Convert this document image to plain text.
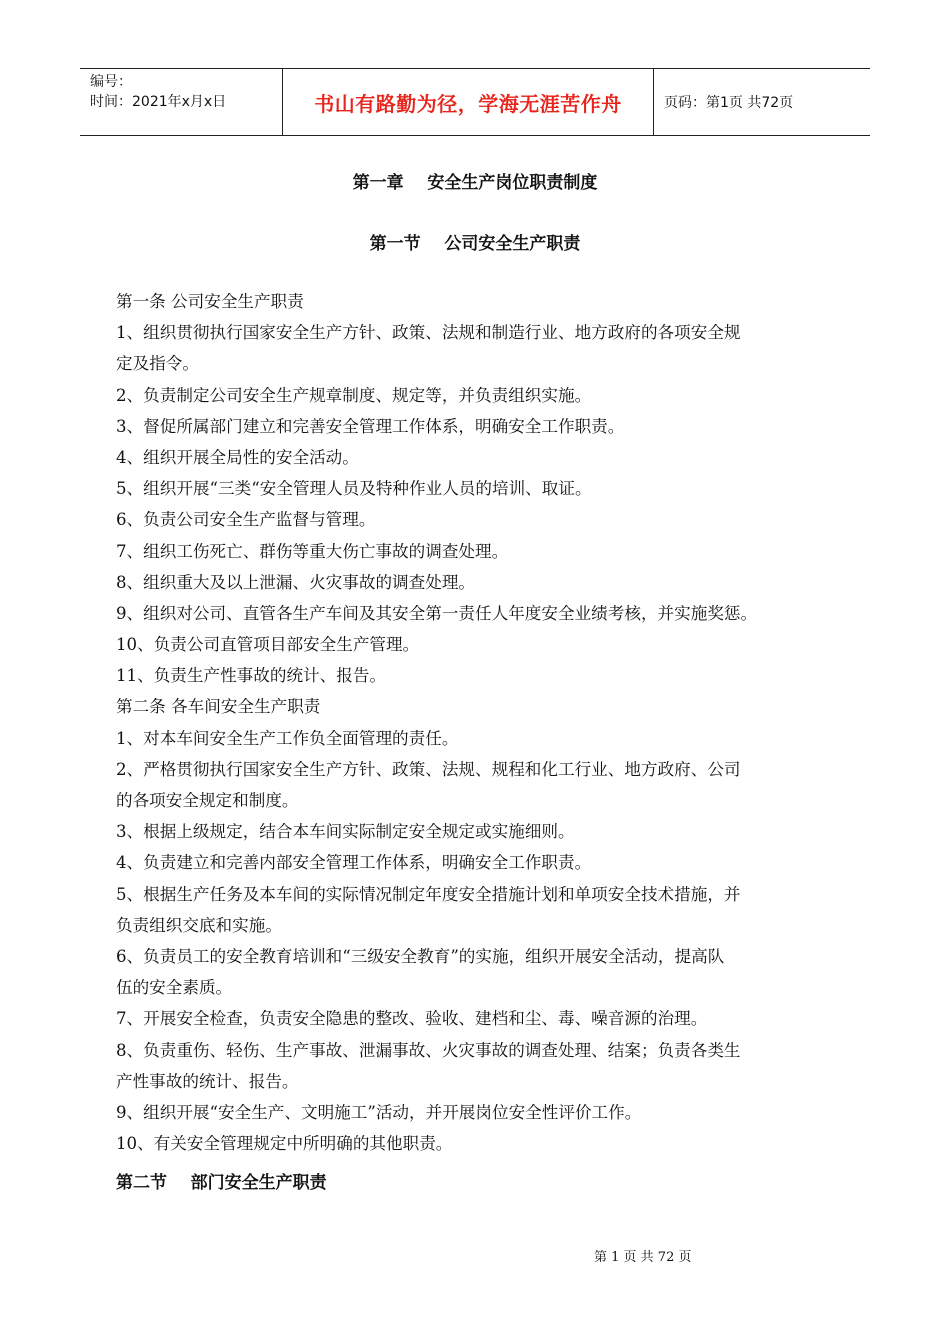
编号：
时间：2021年x月x日	书山有路勤为径，学海无涯苦作舟	页码：第1页 共72页
第一章    安全生产岗位职责制度
第一节    公司安全生产职责
第一条 公司安全生产职责
1、组织贯彻执行国家安全生产方针、政策、法规和制造行业、地方政府的各项安全规
定及指令。
2、负责制定公司安全生产规章制度、规定等，并负责组织实施。
3、督促所属部门建立和完善安全管理工作体系，明确安全工作职责。
4、组织开展全局性的安全活动。
5、组织开展“三类“安全管理人员及特种作业人员的培训、取证。
6、负责公司安全生产监督与管理。
7、组织工伤死亡、群伤等重大伤亡事故的调查处理。
8、组织重大及以上泄漏、火灾事故的调查处理。
9、组织对公司、直管各生产车间及其安全第一责任人年度安全业绩考核，并实施奖惩。
10、负责公司直管项目部安全生产管理。
11、负责生产性事故的统计、报告。
第二条 各车间安全生产职责
1、对本车间安全生产工作负全面管理的责任。
2、严格贯彻执行国家安全生产方针、政策、法规、规程和化工行业、地方政府、公司
的各项安全规定和制度。
3、根据上级规定，结合本车间实际制定安全规定或实施细则。
4、负责建立和完善内部安全管理工作体系，明确安全工作职责。
5、根据生产任务及本车间的实际情况制定年度安全措施计划和单项安全技术措施，并
负责组织交底和实施。
6、负责员工的安全教育培训和“三级安全教育”的实施，组织开展安全活动，提高队
伍的安全素质。
7、开展安全检查，负责安全隐患的整改、验收、建档和尘、毒、噪音源的治理。
8、负责重伤、轻伤、生产事故、泄漏事故、火灾事故的调查处理、结案；负责各类生
产性事故的统计、报告。
9、组织开展“安全生产、文明施工”活动，并开展岗位安全性评价工作。
10、有关安全管理规定中所明确的其他职责。
第二节    部门安全生产职责
第 1 页 共 72 页
